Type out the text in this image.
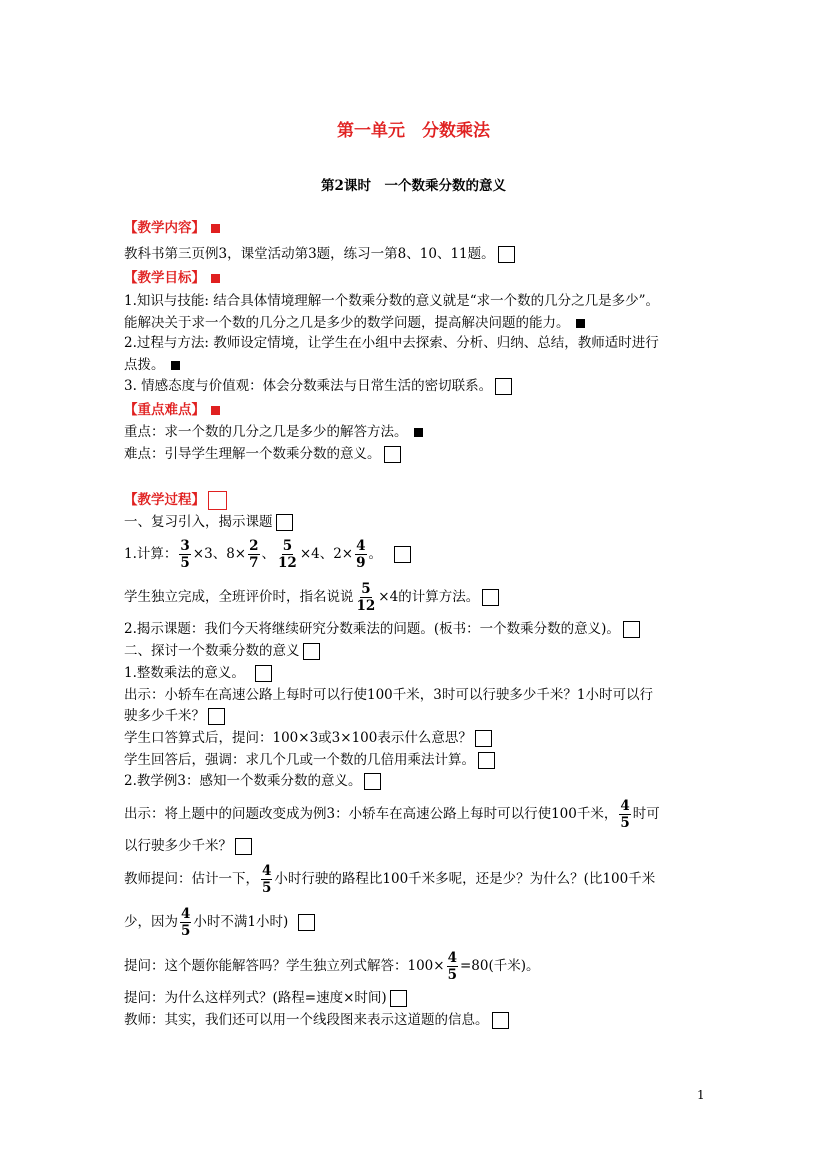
第一单元　分数乘法
第2课时　一个数乘分数的意义
【教学内容】
教科书第三页例3，课堂活动第3题，练习一第8、10、11题。
【教学目标】
1.知识与技能: 结合具体情境理解一个数乘分数的意义就是“求一个数的几分之几是多少”。
能解决关于求一个数的几分之几是多少的数学问题，提高解决问题的能力。
2.过程与方法: 教师设定情境，让学生在小组中去探索、分析、归纳、总结，教师适时进行
点拨。
3. 情感态度与价值观：体会分数乘法与日常生活的密切联系。
【重点难点】
重点：求一个数的几分之几是多少的解答方法。
难点：引导学生理解一个数乘分数的意义。
【教学过程】
一、复习引入，揭示课题
1.计算： $\frac{3}{5} \times 3$、$8\times \frac{2}{7}$ 、 $\frac{5}{12} \times 4$、$2\times \frac{4}{9}$ 。
学生独立完成，全班评价时，指名说说 $\frac{5}{12} \times 4$的计算方法。
2.揭示课题：我们今天将继续研究分数乘法的问题。(板书：一个数乘分数的意义)。
二、探讨一个数乘分数的意义
1.整数乘法的意义。
出示：小轿车在高速公路上每时可以行使100千米，3时可以行驶多少千米？1小时可以行
驶多少千米？
学生口答算式后，提问：100×3或3×100表示什么意思？
学生回答后，强调：求几个几或一个数的几倍用乘法计算。
2.教学例3：感知一个数乘分数的意义。
出示：将上题中的问题改变成为例3：小轿车在高速公路上每时可以行使100千米， $\frac{4}{5}$ 时可
以行驶多少千米？
教师提问：估计一下， $\frac{4}{5}$ 小时行驶的路程比100千米多呢，还是少？为什么？(比100千米
少，因为 $\frac{4}{5}$ 小时不满1小时)
提问：这个题你能解答吗？学生独立列式解答：$100\times \frac{4}{5} =80$(千米)。
提问：为什么这样列式？(路程=速度×时间)
教师：其实，我们还可以用一个线段图来表示这道题的信息。
1
